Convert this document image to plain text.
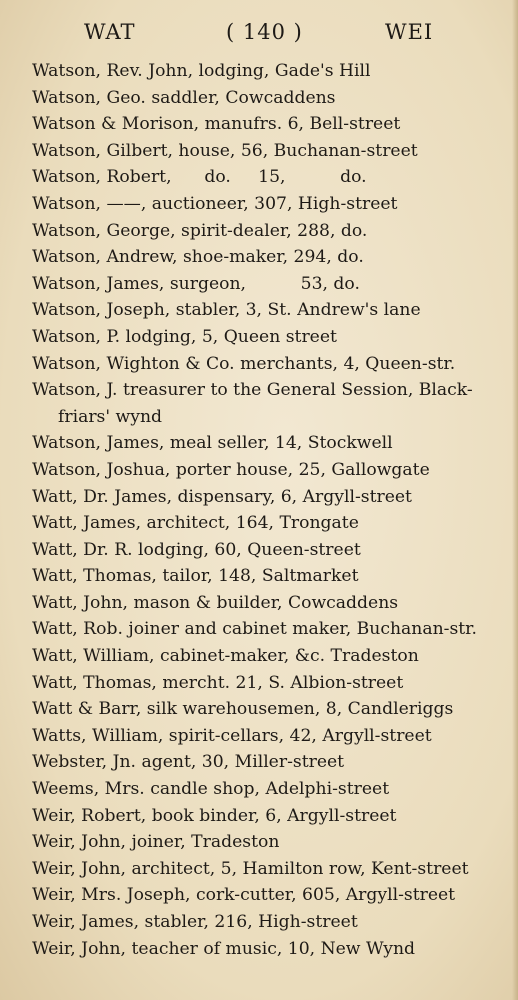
WAT	( 140 )	WEI
Watson, Rev. John, lodging, Gade's Hill
Watson, Geo. saddler, Cowcaddens
Watson & Morison, manufrs. 6, Bell-street
Watson, Gilbert, house, 56, Buchanan-street
Watson, Robert,      do.     15,          do.
Watson, ——, auctioneer, 307, High-street
Watson, George, spirit-dealer, 288, do.
Watson, Andrew, shoe-maker, 294, do.
Watson, James, surgeon,          53, do.
Watson, Joseph, stabler, 3, St. Andrew's lane
Watson, P. lodging, 5, Queen street
Watson, Wighton & Co. merchants, 4, Queen-str.
Watson, J. treasurer to the General Session, Black-
friars' wynd
Watson, James, meal seller, 14, Stockwell
Watson, Joshua, porter house, 25, Gallowgate
Watt, Dr. James, dispensary, 6, Argyll-street
Watt, James, architect, 164, Trongate
Watt, Dr. R. lodging, 60, Queen-street
Watt, Thomas, tailor, 148, Saltmarket
Watt, John, mason & builder, Cowcaddens
Watt, Rob. joiner and cabinet maker, Buchanan-str.
Watt, William, cabinet-maker, &c. Tradeston
Watt, Thomas, mercht. 21, S. Albion-street
Watt & Barr, silk warehousemen, 8, Candleriggs
Watts, William, spirit-cellars, 42, Argyll-street
Webster, Jn. agent, 30, Miller-street
Weems, Mrs. candle shop, Adelphi-street
Weir, Robert, book binder, 6, Argyll-street
Weir, John, joiner, Tradeston
Weir, John, architect, 5, Hamilton row, Kent-street
Weir, Mrs. Joseph, cork-cutter, 605, Argyll-street
Weir, James, stabler, 216, High-street
Weir, John, teacher of music, 10, New Wynd
